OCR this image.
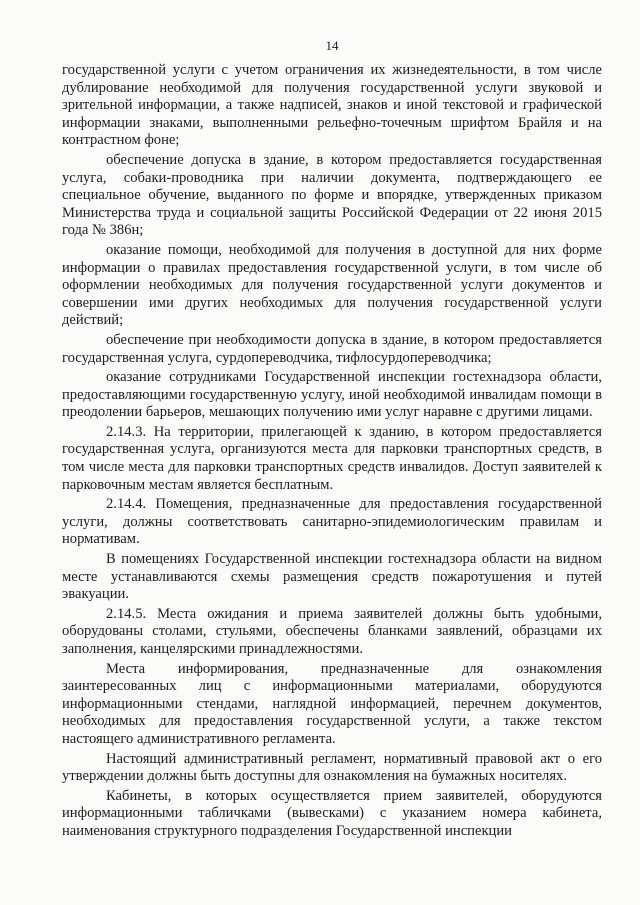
14

государственной услуги с учетом ограничения их жизнедеятельности, в том числе дублирование необходимой для получения государственной услуги звуковой и зрительной информации, а также надписей, знаков и иной текстовой и графической информации знаками, выполненными рельефно-точечным шрифтом Брайля и на контрастном фоне;

обеспечение допуска в здание, в котором предоставляется государственная услуга, собаки-проводника при наличии документа, подтверждающего ее специальное обучение, выданного по форме и впорядке, утвержденных приказом Министерства труда и социальной защиты Российской Федерации от 22 июня 2015 года № 386н;

оказание помощи, необходимой для получения в доступной для них форме информации о правилах предоставления государственной услуги, в том числе об оформлении необходимых для получения государственной услуги документов и совершении ими других необходимых для получения государственной услуги действий;

обеспечение при необходимости допуска в здание, в котором предоставляется государственная услуга, сурдопереводчика, тифлосурдопереводчика;

оказание сотрудниками Государственной инспекции гостехнадзора области, предоставляющими государственную услугу, иной необходимой инвалидам помощи в преодолении барьеров, мешающих получению ими услуг наравне с другими лицами.

2.14.3. На территории, прилегающей к зданию, в котором предоставляется государственная услуга, организуются места для парковки транспортных средств, в том числе места для парковки транспортных средств инвалидов. Доступ заявителей к парковочным местам является бесплатным.

2.14.4. Помещения, предназначенные для предоставления государственной услуги, должны соответствовать санитарно-эпидемиологическим правилам и нормативам.

В помещениях Государственной инспекции гостехнадзора области на видном месте устанавливаются схемы размещения средств пожаротушения и путей эвакуации.

2.14.5. Места ожидания и приема заявителей должны быть удобными, оборудованы столами, стульями, обеспечены бланками заявлений, образцами их заполнения, канцелярскими принадлежностями.

Места информирования, предназначенные для ознакомления заинтересованных лиц с информационными материалами, оборудуются информационными стендами, наглядной информацией, перечнем документов, необходимых для предоставления государственной услуги, а также текстом настоящего административного регламента.

Настоящий административный регламент, нормативный правовой акт о его утверждении должны быть доступны для ознакомления на бумажных носителях.

Кабинеты, в которых осуществляется прием заявителей, оборудуются информационными табличками (вывесками) с указанием номера кабинета, наименования структурного подразделения Государственной инспекции
